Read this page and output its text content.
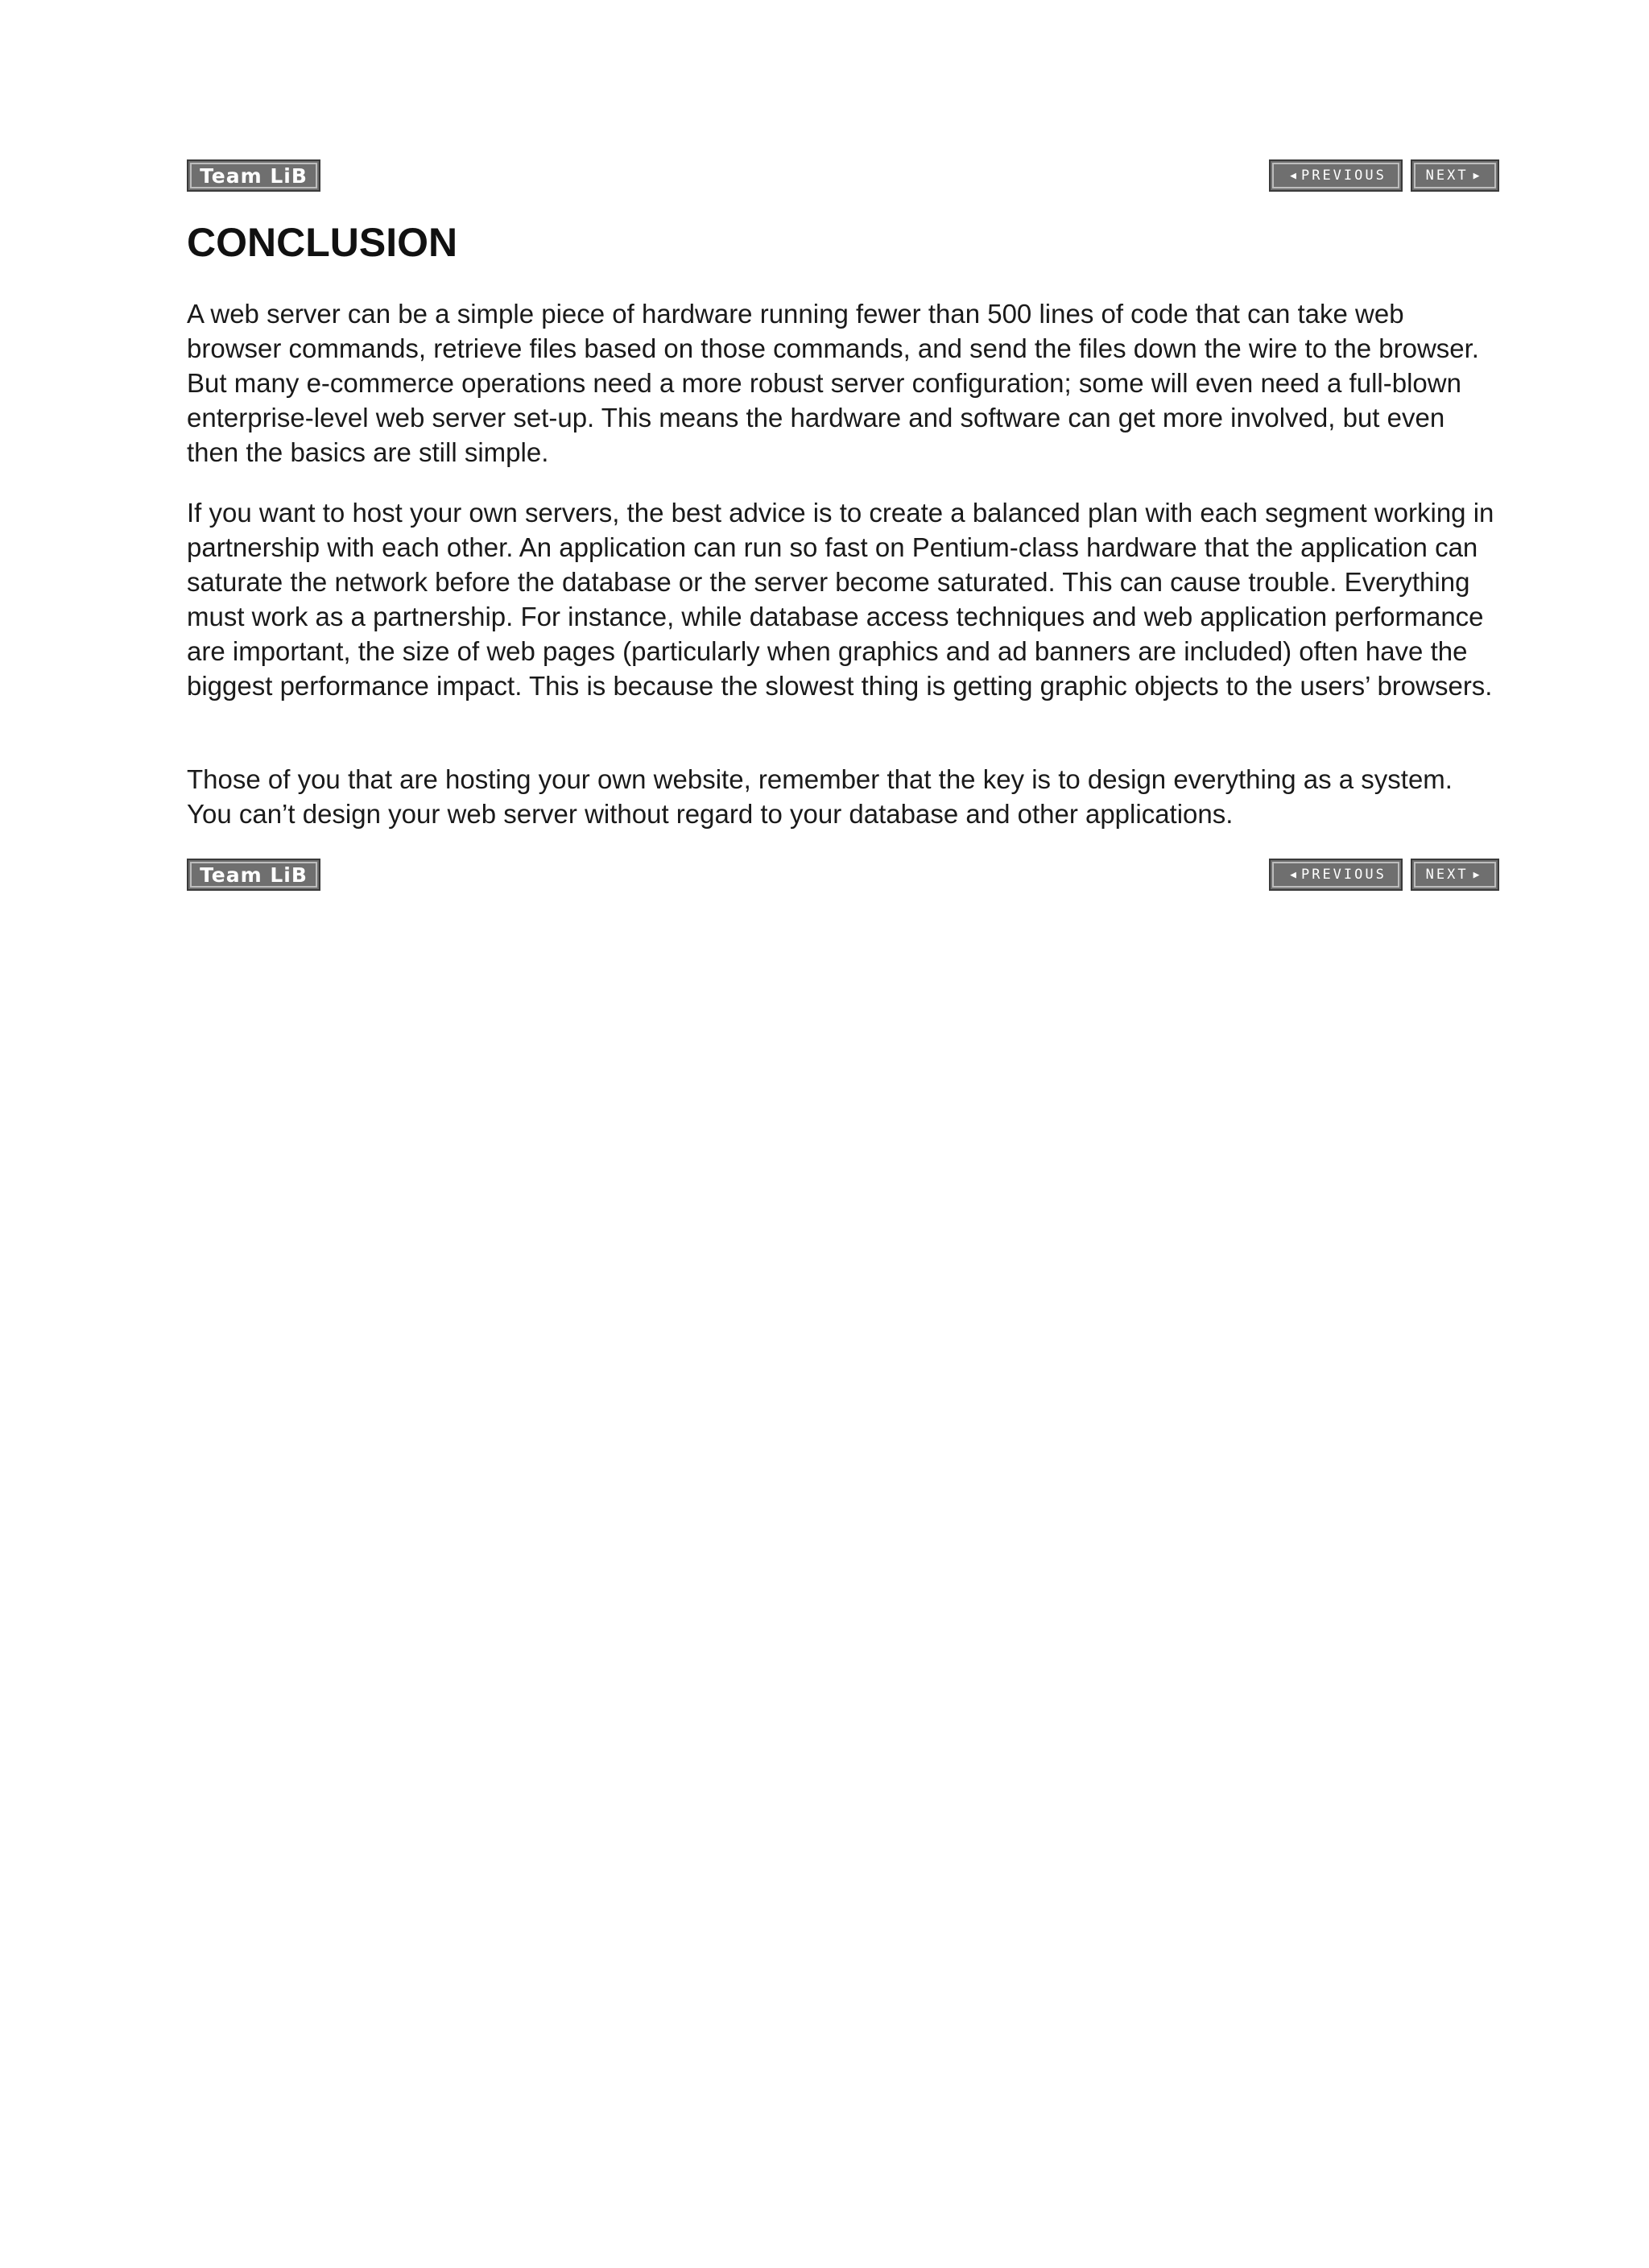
Team LiB	◀ PREVIOUS	NEXT ▶
CONCLUSION

A web server can be a simple piece of hardware running fewer than 500 lines of code that can take web browser commands, retrieve files based on those commands, and send the files down the wire to the browser. But many e-commerce operations need a more robust server configuration; some will even need a full-blown enterprise-level web server set-up. This means the hardware and software can get more involved, but even then the basics are still simple.

If you want to host your own servers, the best advice is to create a balanced plan with each segment working in partnership with each other. An application can run so fast on Pentium-class hardware that the application can saturate the network before the database or the server become saturated. This can cause trouble. Everything must work as a partnership. For instance, while database access techniques and web application performance are important, the size of web pages (particularly when graphics and ad banners are included) often have the biggest performance impact. This is because the slowest thing is getting graphic objects to the users’ browsers.

Those of you that are hosting your own website, remember that the key is to design everything as a system. You can’t design your web server without regard to your database and other applications.

Team LiB	◀ PREVIOUS	NEXT ▶
